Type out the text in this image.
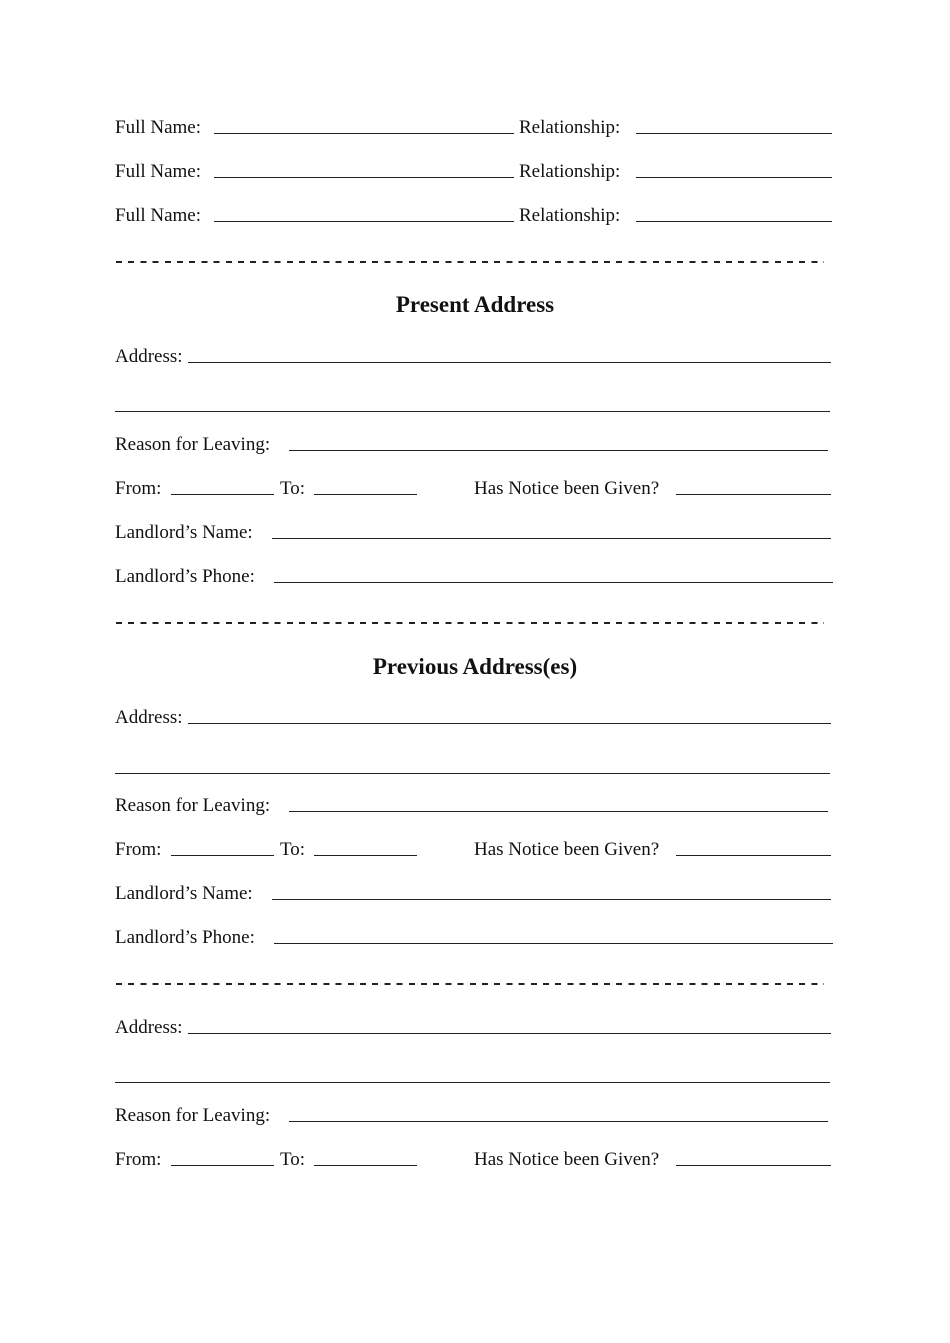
Full Name:	Relationship:
Full Name:	Relationship:
Full Name:	Relationship:
Present Address
Address:
Reason for Leaving:
From:	To:	Has Notice been Given?
Landlord’s Name:
Landlord’s Phone:
Previous Address(es)
Address:
Reason for Leaving:
From:	To:	Has Notice been Given?
Landlord’s Name:
Landlord’s Phone:
Address:
Reason for Leaving:
From:	To:	Has Notice been Given?
